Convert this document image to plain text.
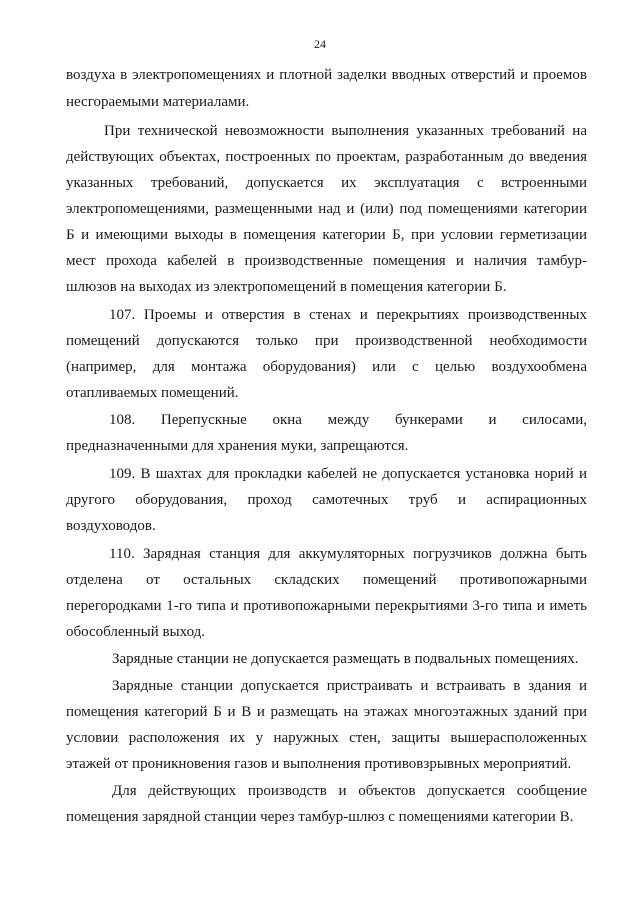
24
воздуха в электропомещениях и плотной заделки вводных отверстий и проемов
несгораемыми материалами.
При технической невозможности выполнения указанных требований на
действующих объектах, построенных по проектам, разработанным до введения
указанных требований, допускается их эксплуатация с встроенными
электропомещениями, размещенными над и (или) под помещениями категории
Б и имеющими выходы в помещения категории Б, при условии герметизации
мест прохода кабелей в производственные помещения и наличия тамбур-
шлюзов на выходах из электропомещений в помещения категории Б.
107. Проемы и отверстия в стенах и перекрытиях производственных
помещений допускаются только при производственной необходимости
(например, для монтажа оборудования) или с целью воздухообмена
отапливаемых помещений.
108. Перепускные окна между бункерами и силосами,
предназначенными для хранения муки, запрещаются.
109. В шахтах для прокладки кабелей не допускается установка норий и
другого оборудования, проход самотечных труб и аспирационных
воздуховодов.
110. Зарядная станция для аккумуляторных погрузчиков должна быть
отделена от остальных складских помещений противопожарными
перегородками 1-го типа и противопожарными перекрытиями 3-го типа и иметь
обособленный выход.
Зарядные станции не допускается размещать в подвальных помещениях.
Зарядные станции допускается пристраивать и встраивать в здания и
помещения категорий Б и В и размещать на этажах многоэтажных зданий при
условии расположения их у наружных стен, защиты вышерасположенных
этажей от проникновения газов и выполнения противовзрывных мероприятий.
Для действующих производств и объектов допускается сообщение
помещения зарядной станции через тамбур-шлюз с помещениями категории В.
